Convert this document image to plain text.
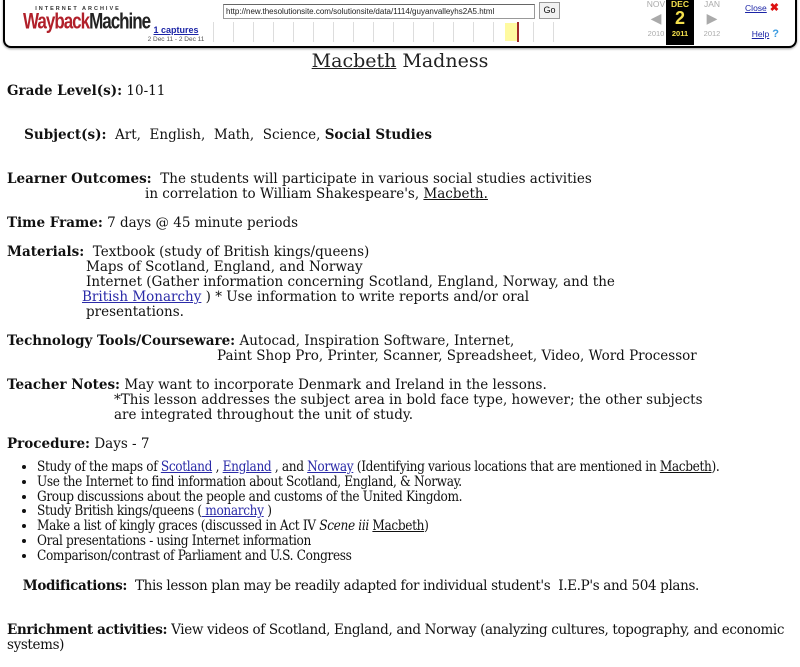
INTERNET ARCHIVE
WaybackMachine	http://new.thesolutionsite.com/solutionsite/data/1114/guyanvalleyhs2A5.html	Go
1 captures
2 Dec 11 - 2 Dec 11
NOV
◀
2010
DEC
2
2011
JAN
▶
2012
Close ✖
Help ?
Macbeth Madness
Grade Level(s): 10-11

Subject(s):  Art,  English,  Math,  Science, Social Studies

Learner Outcomes:  The students will participate in various social studies activities
in correlation to William Shakespeare's, Macbeth.
Time Frame: 7 days @ 45 minute periods
Materials:  Textbook (study of British kings/queens)
Maps of Scotland, England, and Norway
Internet (Gather information concerning Scotland, England, Norway, and the
British Monarchy ) * Use information to write reports and/or oral
presentations.
Technology Tools/Courseware: Autocad, Inspiration Software, Internet,
Paint Shop Pro, Printer, Scanner, Spreadsheet, Video, Word Processor
Teacher Notes: May want to incorporate Denmark and Ireland in the lessons.
*This lesson addresses the subject area in bold face type, however; the other subjects
are integrated throughout the unit of study.
Procedure: Days - 7
• Study of the maps of Scotland , England , and Norway (Identifying various locations that are mentioned in Macbeth).
• Use the Internet to find information about Scotland, England, & Norway.
• Group discussions about the people and customs of the United Kingdom.
• Study British kings/queens ( monarchy )
• Make a list of kingly graces (discussed in Act IV Scene iii Macbeth)
• Oral presentations - using Internet information
• Comparison/contrast of Parliament and U.S. Congress

Modifications:  This lesson plan may be readily adapted for individual student's  I.E.P's and 504 plans.

Enrichment activities: View videos of Scotland, England, and Norway (analyzing cultures, topography, and economic systems)
